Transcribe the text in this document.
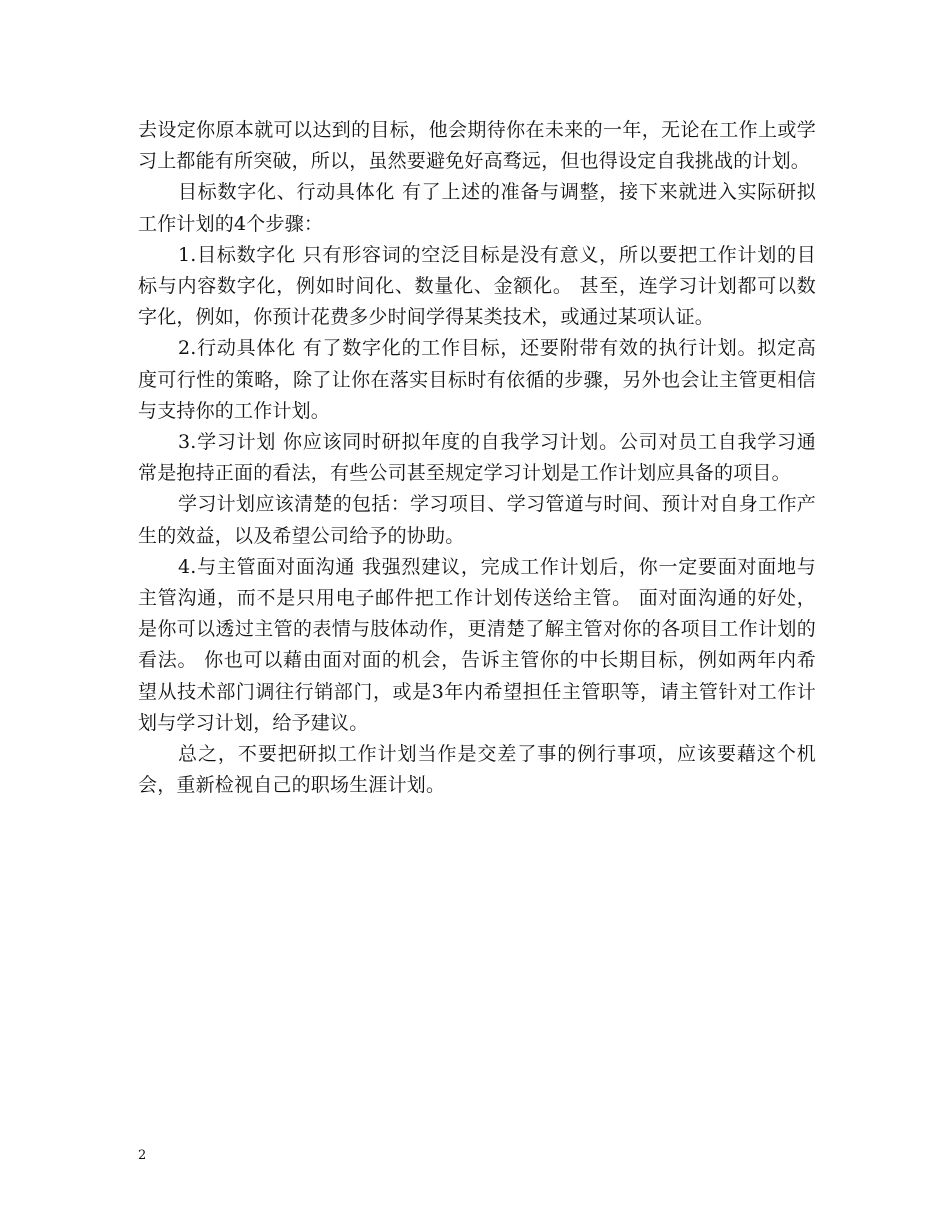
去设定你原本就可以达到的目标，他会期待你在未来的一年，无论在工作上或学习上都能有所突破，所以，虽然要避免好高骛远，但也得设定自我挑战的计划。

目标数字化、行动具体化 有了上述的准备与调整，接下来就进入实际研拟工作计划的4个步骤：

1.目标数字化 只有形容词的空泛目标是没有意义，所以要把工作计划的目标与内容数字化，例如时间化、数量化、金额化。 甚至，连学习计划都可以数字化，例如，你预计花费多少时间学得某类技术，或通过某项认证。

2.行动具体化 有了数字化的工作目标，还要附带有效的执行计划。拟定高度可行性的策略，除了让你在落实目标时有依循的步骤，另外也会让主管更相信与支持你的工作计划。

3.学习计划 你应该同时研拟年度的自我学习计划。公司对员工自我学习通常是抱持正面的看法，有些公司甚至规定学习计划是工作计划应具备的项目。

学习计划应该清楚的包括：学习项目、学习管道与时间、预计对自身工作产生的效益，以及希望公司给予的协助。

4.与主管面对面沟通 我强烈建议，完成工作计划后，你一定要面对面地与主管沟通，而不是只用电子邮件把工作计划传送给主管。 面对面沟通的好处，是你可以透过主管的表情与肢体动作，更清楚了解主管对你的各项目工作计划的看法。 你也可以藉由面对面的机会，告诉主管你的中长期目标，例如两年内希望从技术部门调往行销部门，或是3年内希望担任主管职等，请主管针对工作计划与学习计划，给予建议。

总之，不要把研拟工作计划当作是交差了事的例行事项，应该要藉这个机会，重新检视自己的职场生涯计划。

2
